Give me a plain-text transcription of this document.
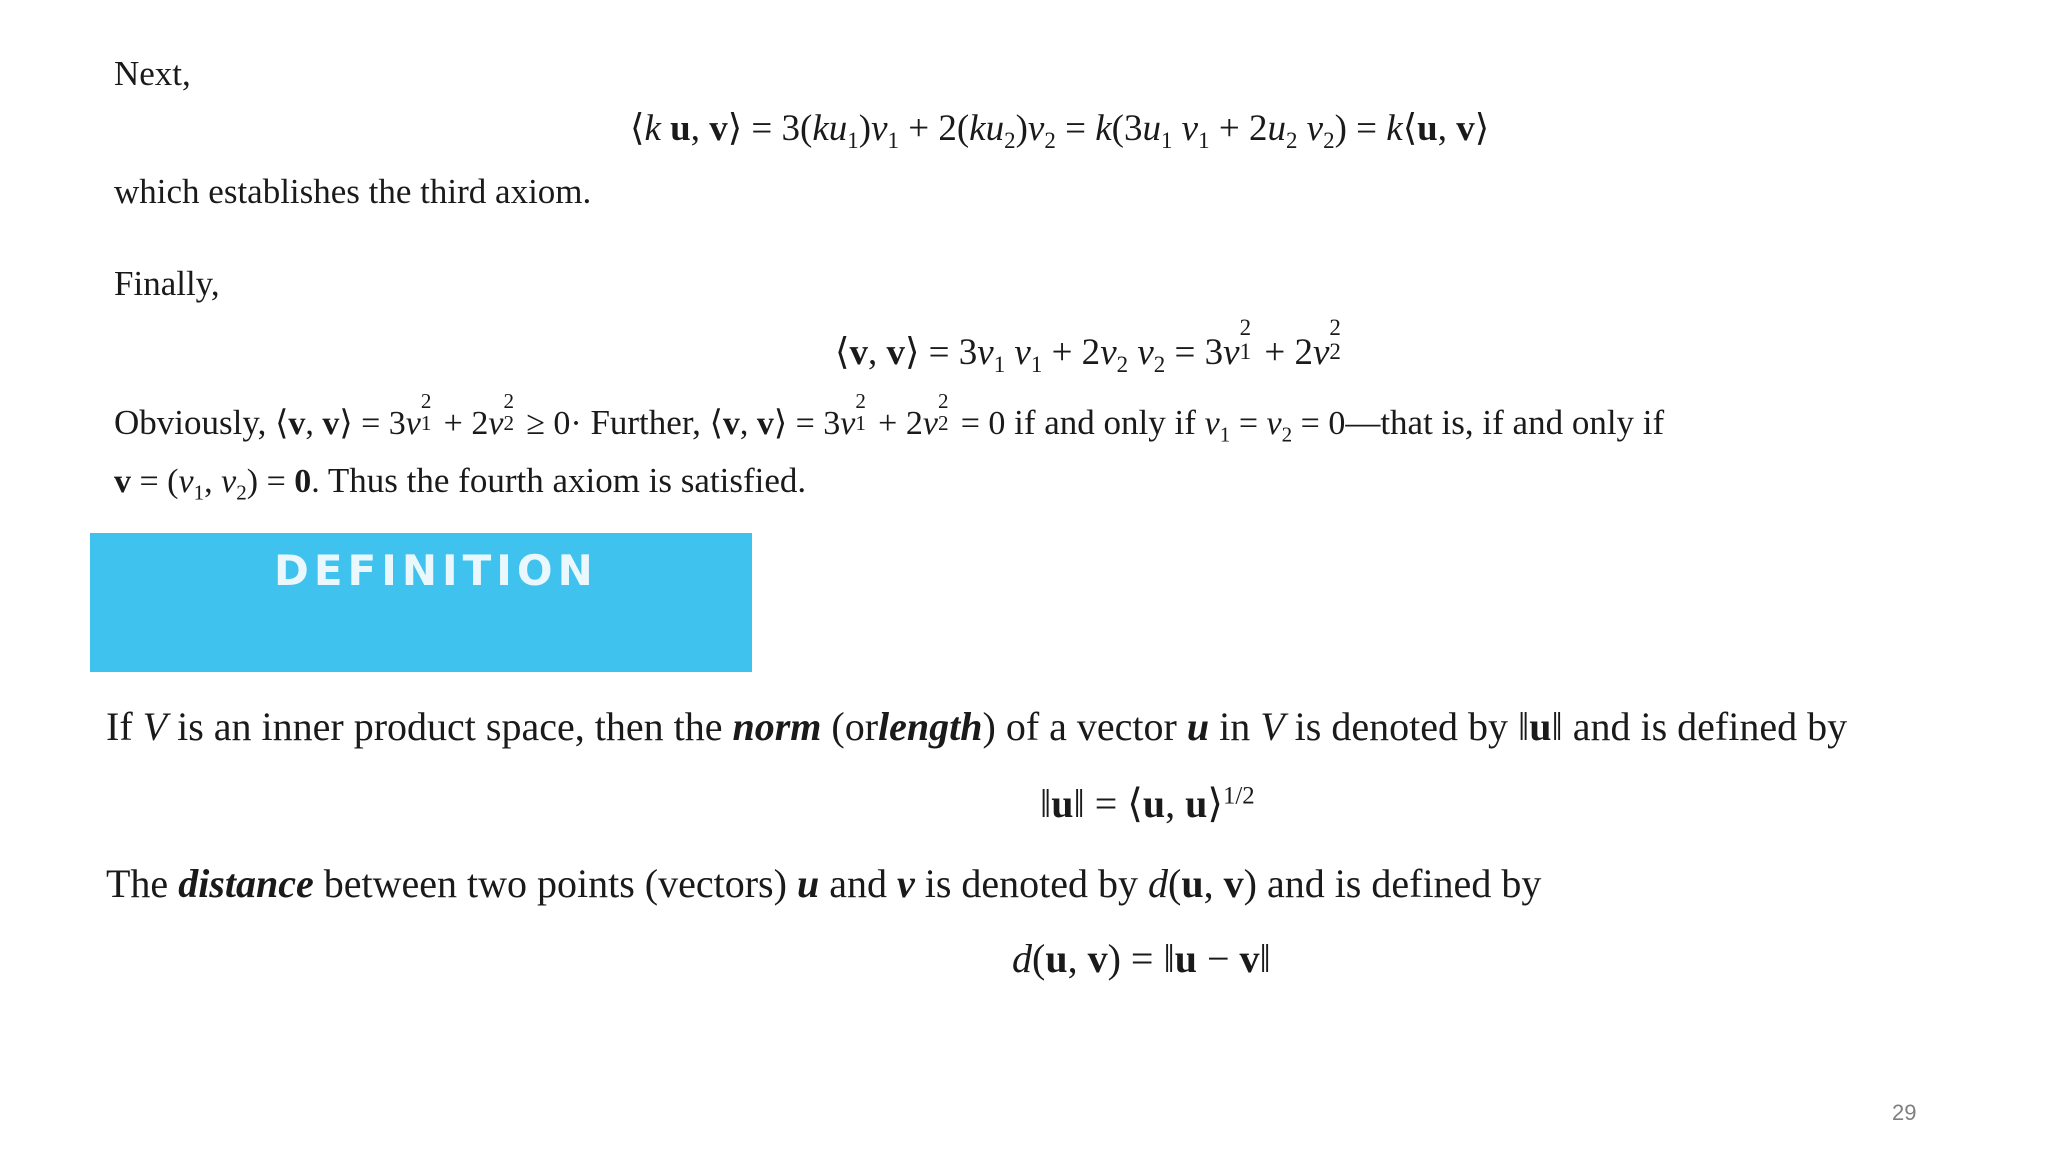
Next,
⟨k u, v⟩ = $3(ku_1)v_1 + 2(ku_2)v_2 = k(3u_1$ $v_1 + 2u_2$ $v_2$) = k⟨u, v⟩
which establishes the third axiom.
Finally,
⟨v, v⟩ = $3v_1$ $v_1 + 2v_2$ $v_2 = 3v$
2
1 + 2v
2
2
Obviously, ⟨v, v⟩ = 3v
2
1 + 2v
2
2 ≥ 0· Further, ⟨v, v⟩ = 3v
2
1 + 2v
2
2 = 0 if and only if $v_1 = v_2$ = 0—that is, if and only if
$v = (v_1$, $v_2) = 0$. Thus the fourth axiom is satisfied.
DEFINITION
If V is an inner product space, then the norm (orlength) of a vector u in V is denoted by ‖u‖ and is defined by
‖u‖ = ⟨u, u⟩$^{1/2}$
The distance between two points (vectors) u and v is denoted by d(u, v) and is defined by
d(u, v) = ‖u − v‖
29
